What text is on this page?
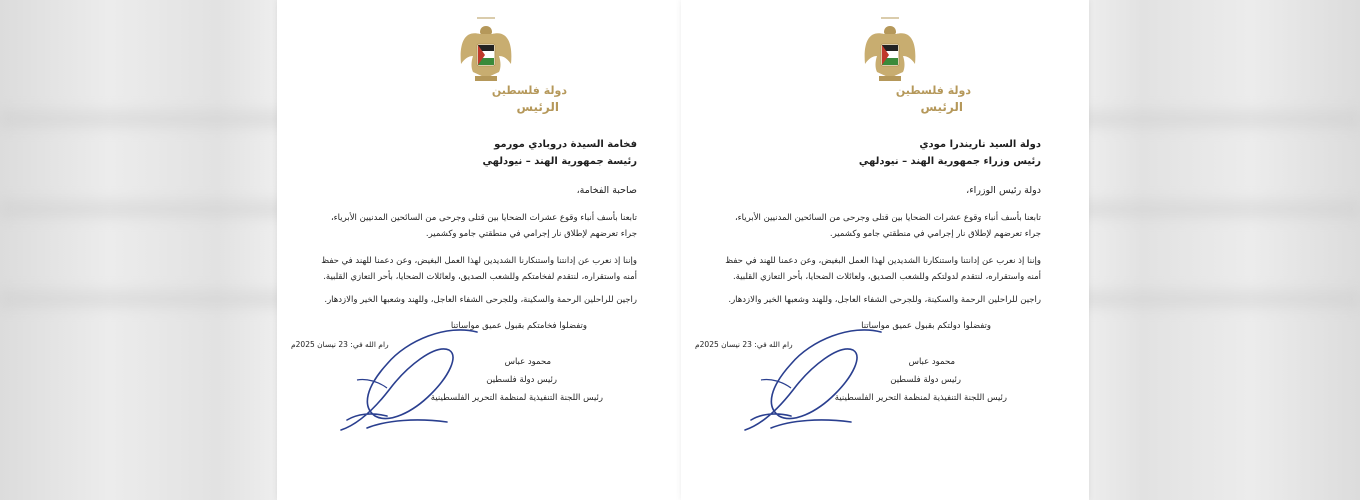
دولة فلسطين
الرئيس
فخامة السيدة دروبادي مورمو
رئيسة جمهورية الهند – نيودلهي
صاحبة الفخامة،
تابعنا بأسف أنباء وقوع عشرات الضحايا بين قتلى وجرحى من السائحين المدنيين الأبرياء،
جراء تعرضهم لإطلاق نار إجرامي في منطقتي جامو وكشمير.
وإننا إذ نعرب عن إدانتنا واستنكارنا الشديدين لهذا العمل البغيض، وعن دعمنا للهند في حفظ
أمنه واستقراره، لنتقدم لفخامتكم وللشعب الصديق، ولعائلات الضحايا، بأحر التعازي القلبية.
راجين للراحلين الرحمة والسكينة، وللجرحى الشفاء العاجل، وللهند وشعبها الخير والازدهار.
وتفضلوا فخامتكم بقبول عميق مواساتنا
رام الله في: 23 نيسان 2025م
محمود عباس
رئيس دولة فلسطين
رئيس اللجنة التنفيذية لمنظمة التحرير الفلسطينية
دولة فلسطين
الرئيس
دولة السيد ناريندرا مودي
رئيس وزراء جمهورية الهند – نيودلهي
دولة رئيس الوزراء،
تابعنا بأسف أنباء وقوع عشرات الضحايا بين قتلى وجرحى من السائحين المدنيين الأبرياء،
جراء تعرضهم لإطلاق نار إجرامي في منطقتي جامو وكشمير.
وإننا إذ نعرب عن إدانتنا واستنكارنا الشديدين لهذا العمل البغيض، وعن دعمنا للهند في حفظ
أمنه واستقراره، لنتقدم لدولتكم وللشعب الصديق، ولعائلات الضحايا، بأحر التعازي القلبية.
راجين للراحلين الرحمة والسكينة، وللجرحى الشفاء العاجل، وللهند وشعبها الخير والازدهار.
وتفضلوا دولتكم بقبول عميق مواساتنا
رام الله في: 23 نيسان 2025م
محمود عباس
رئيس دولة فلسطين
رئيس اللجنة التنفيذية لمنظمة التحرير الفلسطينية
